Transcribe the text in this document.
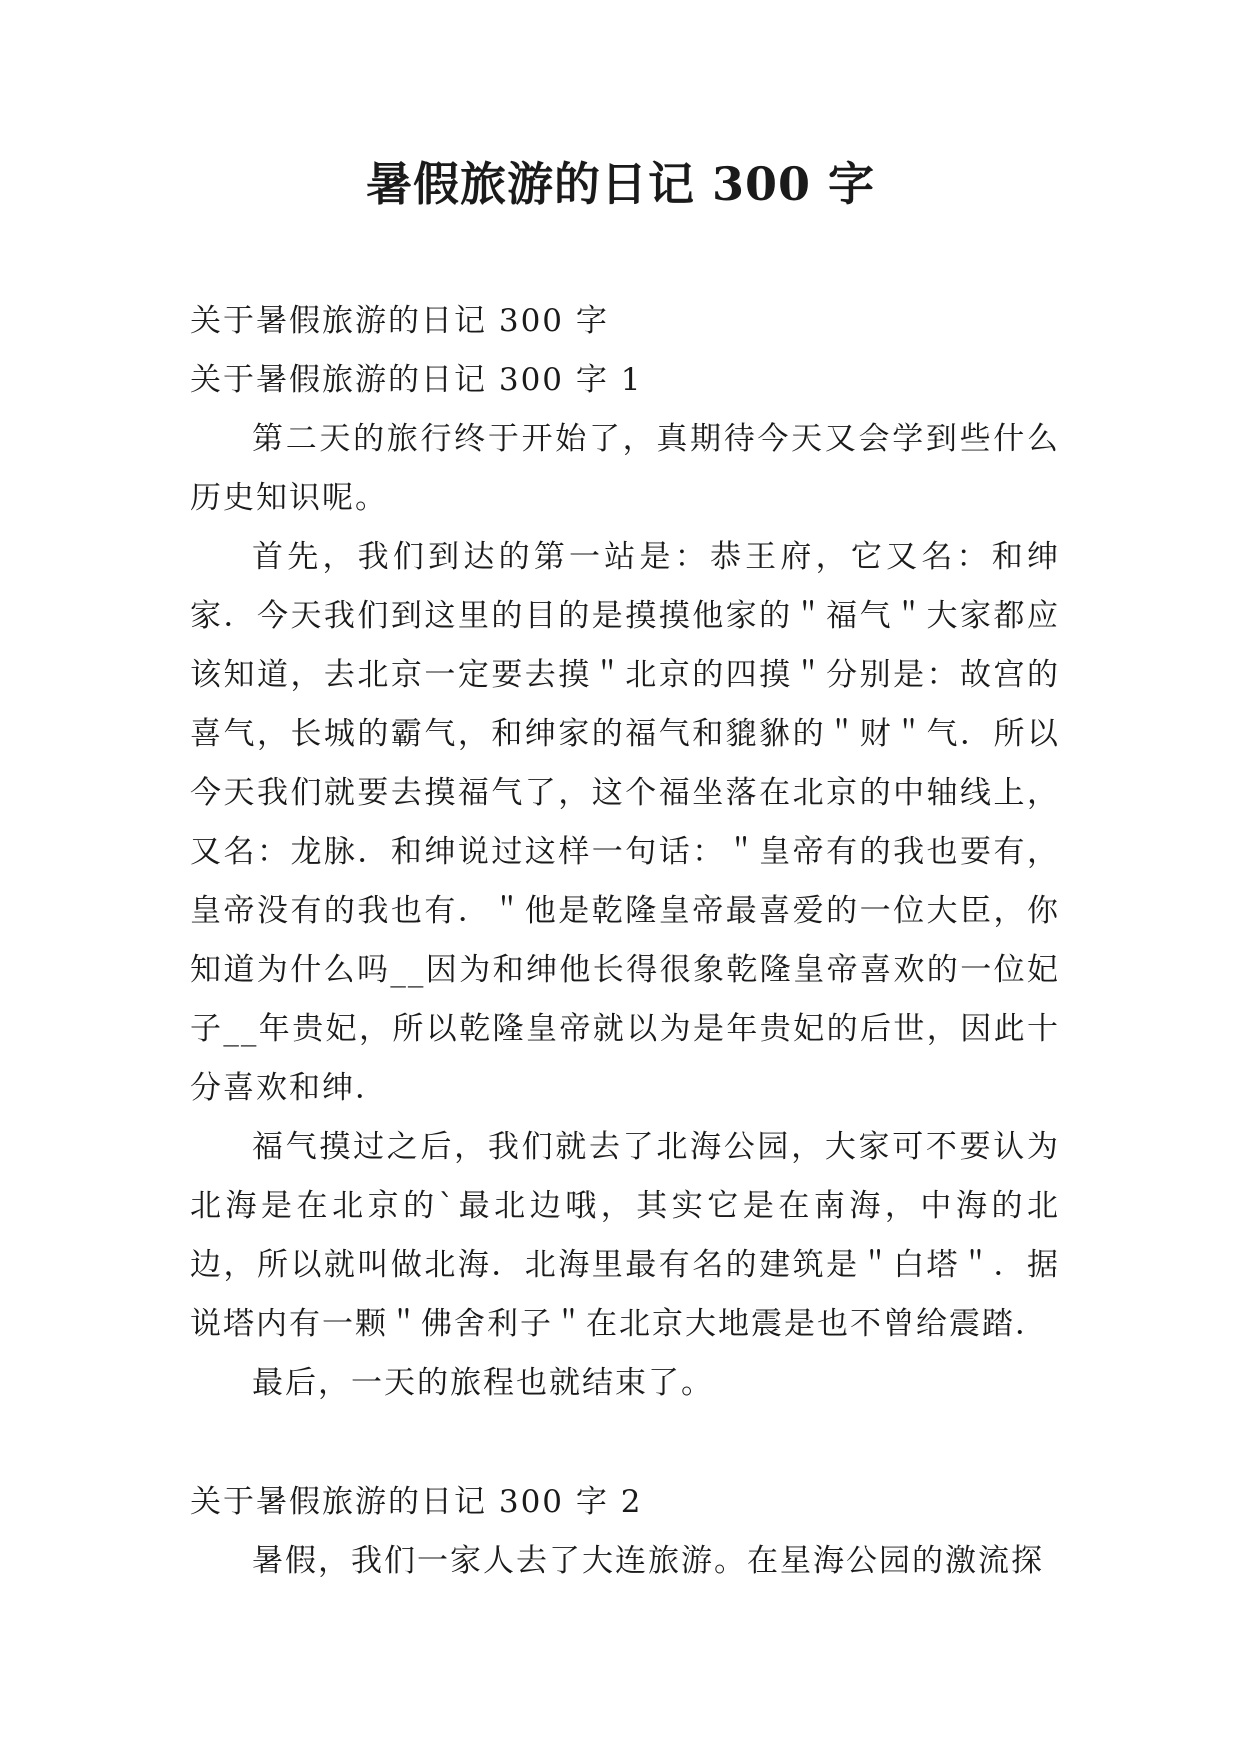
暑假旅游的日记 300 字

关于暑假旅游的日记 300 字

关于暑假旅游的日记 300 字 1

第二天的旅行终于开始了，真期待今天又会学到些什么历史知识呢。

首先，我们到达的第一站是：恭王府，它又名：和绅家．今天我们到这里的目的是摸摸他家的＂福气＂大家都应该知道，去北京一定要去摸＂北京的四摸＂分别是：故宫的喜气，长城的霸气，和绅家的福气和貔貅的＂财＂气．所以今天我们就要去摸福气了，这个福坐落在北京的中轴线上，又名：龙脉．和绅说过这样一句话：＂皇帝有的我也要有，皇帝没有的我也有．＂他是乾隆皇帝最喜爱的一位大臣，你知道为什么吗__因为和绅他长得很象乾隆皇帝喜欢的一位妃子__年贵妃，所以乾隆皇帝就以为是年贵妃的后世，因此十分喜欢和绅．

福气摸过之后，我们就去了北海公园，大家可不要认为北海是在北京的`最北边哦，其实它是在南海，中海的北边，所以就叫做北海．北海里最有名的建筑是＂白塔＂．据说塔内有一颗＂佛舍利子＂在北京大地震是也不曾给震踏．

最后，一天的旅程也就结束了。

关于暑假旅游的日记 300 字 2

暑假，我们一家人去了大连旅游。在星海公园的激流探
